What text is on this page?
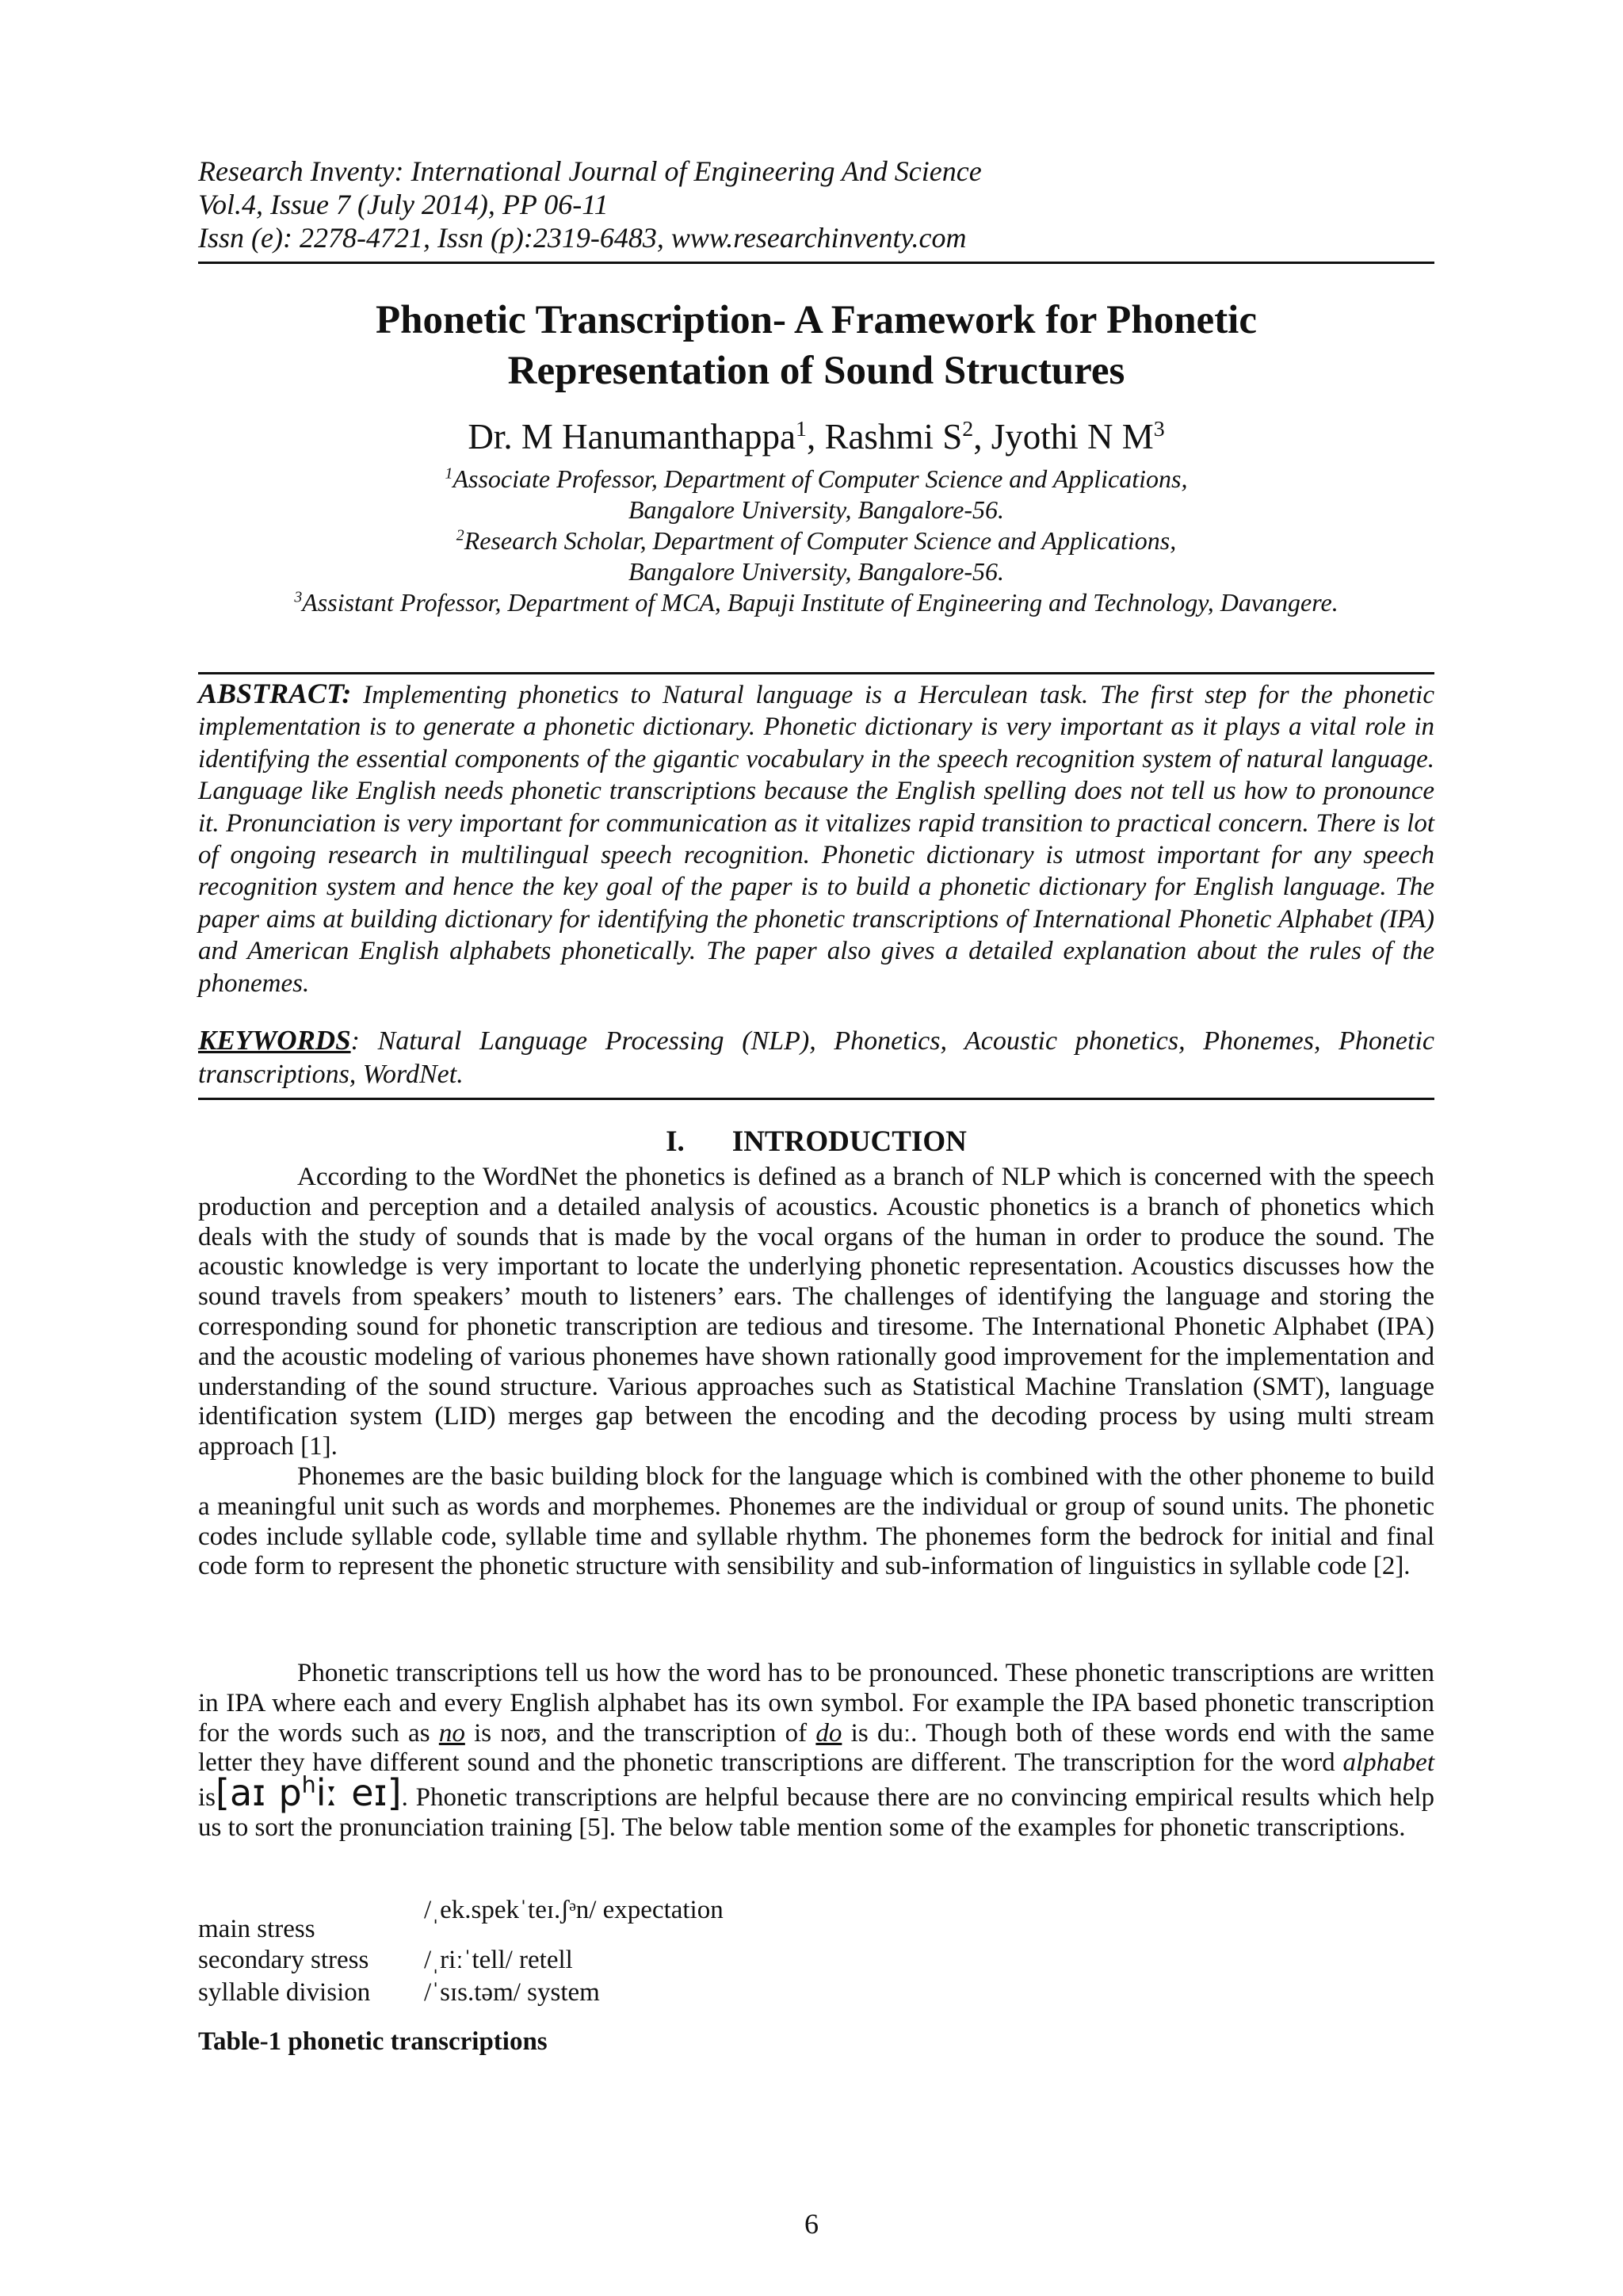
Research Inventy: International Journal of Engineering And Science
Vol.4, Issue 7 (July 2014), PP 06-11
Issn (e): 2278-4721, Issn (p):2319-6483, www.researchinventy.com
Phonetic Transcription- A Framework for Phonetic
Representation of Sound Structures
Dr. M Hanumanthappa$^1$, Rashmi $S^2$, Jyothi N $M^3$
$^1$Associate Professor, Department of Computer Science and Applications,
Bangalore University, Bangalore-56.
$^2$Research Scholar, Department of Computer Science and Applications,
Bangalore University, Bangalore-56.
$^3$Assistant Professor, Department of MCA, Bapuji Institute of Engineering and Technology, Davangere.
ABSTRACT: Implementing phonetics to Natural language is a Herculean task. The first step for the phonetic implementation is to generate a phonetic dictionary. Phonetic dictionary is very important as it plays a vital role in identifying the essential components of the gigantic vocabulary in the speech recognition system of natural language. Language like English needs phonetic transcriptions because the English spelling does not tell us how to pronounce it. Pronunciation is very important for communication as it vitalizes rapid transition to practical concern. There is lot of ongoing research in multilingual speech recognition. Phonetic dictionary is utmost important for any speech recognition system and hence the key goal of the paper is to build a phonetic dictionary for English language. The paper aims at building dictionary for identifying the phonetic transcriptions of International Phonetic Alphabet (IPA) and American English alphabets phonetically. The paper also gives a detailed explanation about the rules of the phonemes.
KEYWORDS: Natural Language Processing (NLP), Phonetics, Acoustic phonetics, Phonemes, Phonetic transcriptions, WordNet.
I. INTRODUCTION

According to the WordNet the phonetics is defined as a branch of NLP which is concerned with the speech production and perception and a detailed analysis of acoustics. Acoustic phonetics is a branch of phonetics which deals with the study of sounds that is made by the vocal organs of the human in order to produce the sound. The acoustic knowledge is very important to locate the underlying phonetic representation. Acoustics discusses how the sound travels from speakers’ mouth to listeners’ ears. The challenges of identifying the language and storing the corresponding sound for phonetic transcription are tedious and tiresome. The International Phonetic Alphabet (IPA) and the acoustic modeling of various phonemes have shown rationally good improvement for the implementation and understanding of the sound structure. Various approaches such as Statistical Machine Translation (SMT), language identification system (LID) merges gap between the encoding and the decoding process by using multi stream approach [1].

Phonemes are the basic building block for the language which is combined with the other phoneme to build a meaningful unit such as words and morphemes. Phonemes are the individual or group of sound units. The phonetic codes include syllable code, syllable time and syllable rhythm. The phonemes form the bedrock for initial and final code form to represent the phonetic structure with sensibility and sub-information of linguistics in syllable code [2].

Phonetic transcriptions tell us how the word has to be pronounced. These phonetic transcriptions are written in IPA where each and every English alphabet has its own symbol. For example the IPA based phonetic transcription for the words such as no is noʊ, and the transcription of do is duː. Though both of these words end with the same letter they have different sound and the phonetic transcriptions are different. The transcription for the word alphabet is[aɪ $p^hiː$ eɪ]. Phonetic transcriptions are helpful because there are no convincing empirical results which help us to sort the pronunciation training [5]. The below table mention some of the examples for phonetic transcriptions.

main stress
/ˌek.spekˈteɪ.ʃᵊn/ expectation
secondary stress /ˌriːˈtell/ retell
syllable division /ˈsɪs.təm/ system
Table-1 phonetic transcriptions
6
